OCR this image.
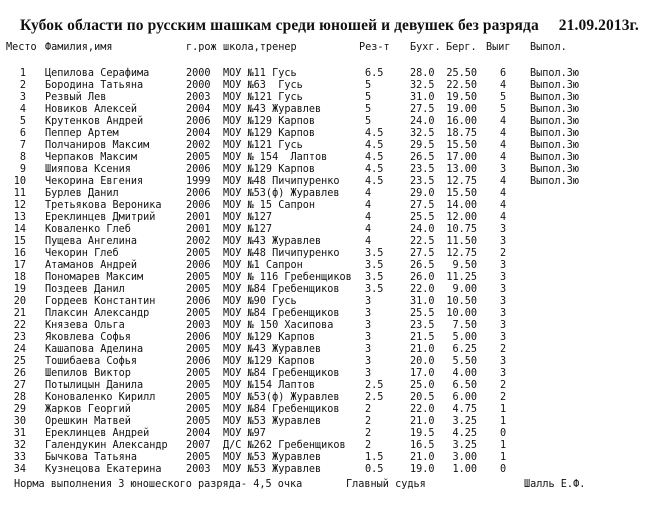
Кубок области по русским шашкам среди юношей и девушек без разряда 21.09.2013г.
Место Фамилия,имя	г.рож школа,тренер	Рез-т Бухг. Берг. Выиг Выпол.
1 Цепилова Серафима	2000 МОУ №11 Гусь	6.5	28.0 25.50 6 Выпол.3ю
2 Бородина Татьяна	2000 МОУ №63  Гусь	5	32.5 22.50 4 Выпол.3ю
3 Резвый Лев	2003 МОУ №121 Гусь	5	31.0 19.50 5 Выпол.3ю
4 Новиков Алексей	2004 МОУ №43 Журавлев	5	27.5 19.00 5 Выпол.3ю
5 Крутенков Андрей	2006 МОУ №129 Карпов	5	24.0 16.00 4 Выпол.3ю
6 Пеппер Артем	2004 МОУ №129 Карпов	4.5	32.5 18.75 4 Выпол.3ю
7 Полчаниров Максим	2002 МОУ №121 Гусь	4.5	29.5 15.50 4 Выпол.3ю
8 Черпаков Максим	2005 МОУ № 154  Лаптов	4.5	26.5 17.00 4 Выпол.3ю
9 Шияпова Ксения	2006 МОУ №129 Карпов	4.5	23.5 13.00 3 Выпол.3ю
10 Чекорина Евгения	1999 МОУ №48 Пичипуренко 4.5	23.5 12.75 4 Выпол.3ю
11 Бурлев Данил	2006 МОУ №53(ф) Журавлев 4	29.0 15.50 4
12 Третьякова Вероника 2006 МОУ № 15 Сапрон	4	27.5 14.00 4
13 Ереклинцев Дмитрий	2001 МОУ №127	4	25.5 12.00 4
14 Коваленко Глеб	2001 МОУ №127	4	24.0 10.75 3
15 Пущева Ангелина	2002 МОУ №43 Журавлев	4	22.5 11.50 3
16 Чекорин Глеб	2005 МОУ №48 Пичипуренко 3.5	27.5 12.75 2
17 Атаманов Андрей	2006 МОУ №1 Сапрон	3.5	26.5 9.50 3
18 Пономарев Максим	2005 МОУ № 116 Гребенщиков 3.5	26.0 11.25 3
19 Поздеев Данил	2005 МОУ №84 Гребенщиков 3.5	22.0 9.00 3
20 Гордеев Константин	2006 МОУ №90 Гусь	3	31.0 10.50 3
21 Плаксин Александр	2005 МОУ №84 Гребенщиков 3	25.5 10.00 3
22 Князева Ольга	2003 МОУ № 150 Хасипова	3	23.5 7.50 3
23 Яковлева Софья	2006 МОУ №129 Карпов	3	21.5 5.00 3
24 Кашапова Аделина	2005 МОУ №43 Журавлев	3	21.0 6.25 2
25 Тошибаева Софья	2006 МОУ №129 Карпов	3	20.0 5.50 3
26 Шепилов Виктор	2005 МОУ №84 Гребенщиков 3	17.0 4.00 3
27 Потылицын Данила	2005 МОУ №154 Лаптов	2.5	25.0 6.50 2
28 Коноваленко Кирилл	2005 МОУ №53(ф) Журавлев 2.5	20.5 6.00 2
29 Жарков Георгий	2005 МОУ №84 Гребенщиков 2	22.0 4.75 1
30 Орешкин Матвей	2005 МОУ №53 Журавлев	2	21.0 3.25 1
31 Ереклинцев Андрей	2004 МОУ №97	2	19.5 4.25 0
32 Галендукин Александр 2007 Д/С №262 Гребенщиков 2	16.5 3.25 1
33 Бычкова Татьяна	2005 МОУ №53 Журавлев	1.5	21.0 3.00 1
34 Кузнецова Екатерина 2003 МОУ №53 Журавлев	0.5	19.0 1.00 0
Норма выполнения 3 юношеского разряда- 4,5 очка	Главный судья	Шалль Е.Ф.
